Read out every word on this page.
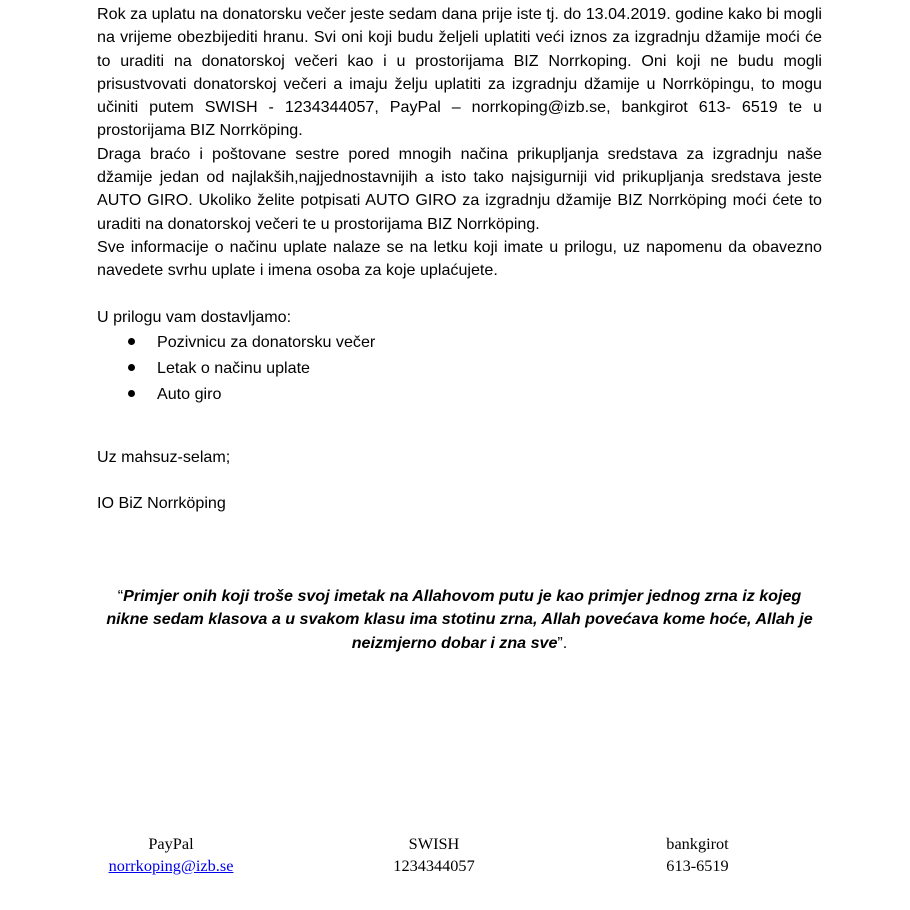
Rok za uplatu na donatorsku večer jeste sedam dana prije iste tj. do 13.04.2019. godine kako bi mogli na vrijeme obezbijediti hranu. Svi oni koji budu željeli uplatiti veći iznos za izgradnju džamije moći će to uraditi na donatorskoj večeri kao i u prostorijama BIZ Norrkoping. Oni koji ne budu mogli prisustvovati donatorskoj večeri a imaju želju uplatiti za izgradnju džamije u Norrköpingu, to mogu učiniti putem SWISH - 1234344057, PayPal – norrkoping@izb.se, bankgirot 613- 6519 te u prostorijama BIZ Norrköping.

Draga braćo i poštovane sestre pored mnogih načina prikupljanja sredstava za izgradnju naše džamije jedan od najlakših,najjednostavnijih a isto tako najsigurniji vid prikupljanja sredstava jeste AUTO GIRO. Ukoliko želite potpisati AUTO GIRO za izgradnju džamije BIZ Norrköping moći ćete to uraditi na donatorskoj večeri te u prostorijama BIZ Norrköping.

Sve informacije o načinu uplate nalaze se na letku koji imate u prilogu, uz napomenu da obavezno navedete svrhu uplate i imena osoba za koje uplaćujete.

U prilogu vam dostavljamo:

Pozivnicu za donatorsku večer
Letak o načinu uplate
Auto giro
Uz mahsuz-selam;
IO BiZ Norrköping
“Primjer onih koji troše svoj imetak na Allahovom putu je kao primjer jednog zrna iz kojeg nikne sedam klasova a u svakom klasu ima stotinu zrna, Allah povećava kome hoće, Allah je neizmjerno dobar i zna sve”.
PayPal
norrkoping@izb.se
SWISH
1234344057
bankgirot
613-6519
